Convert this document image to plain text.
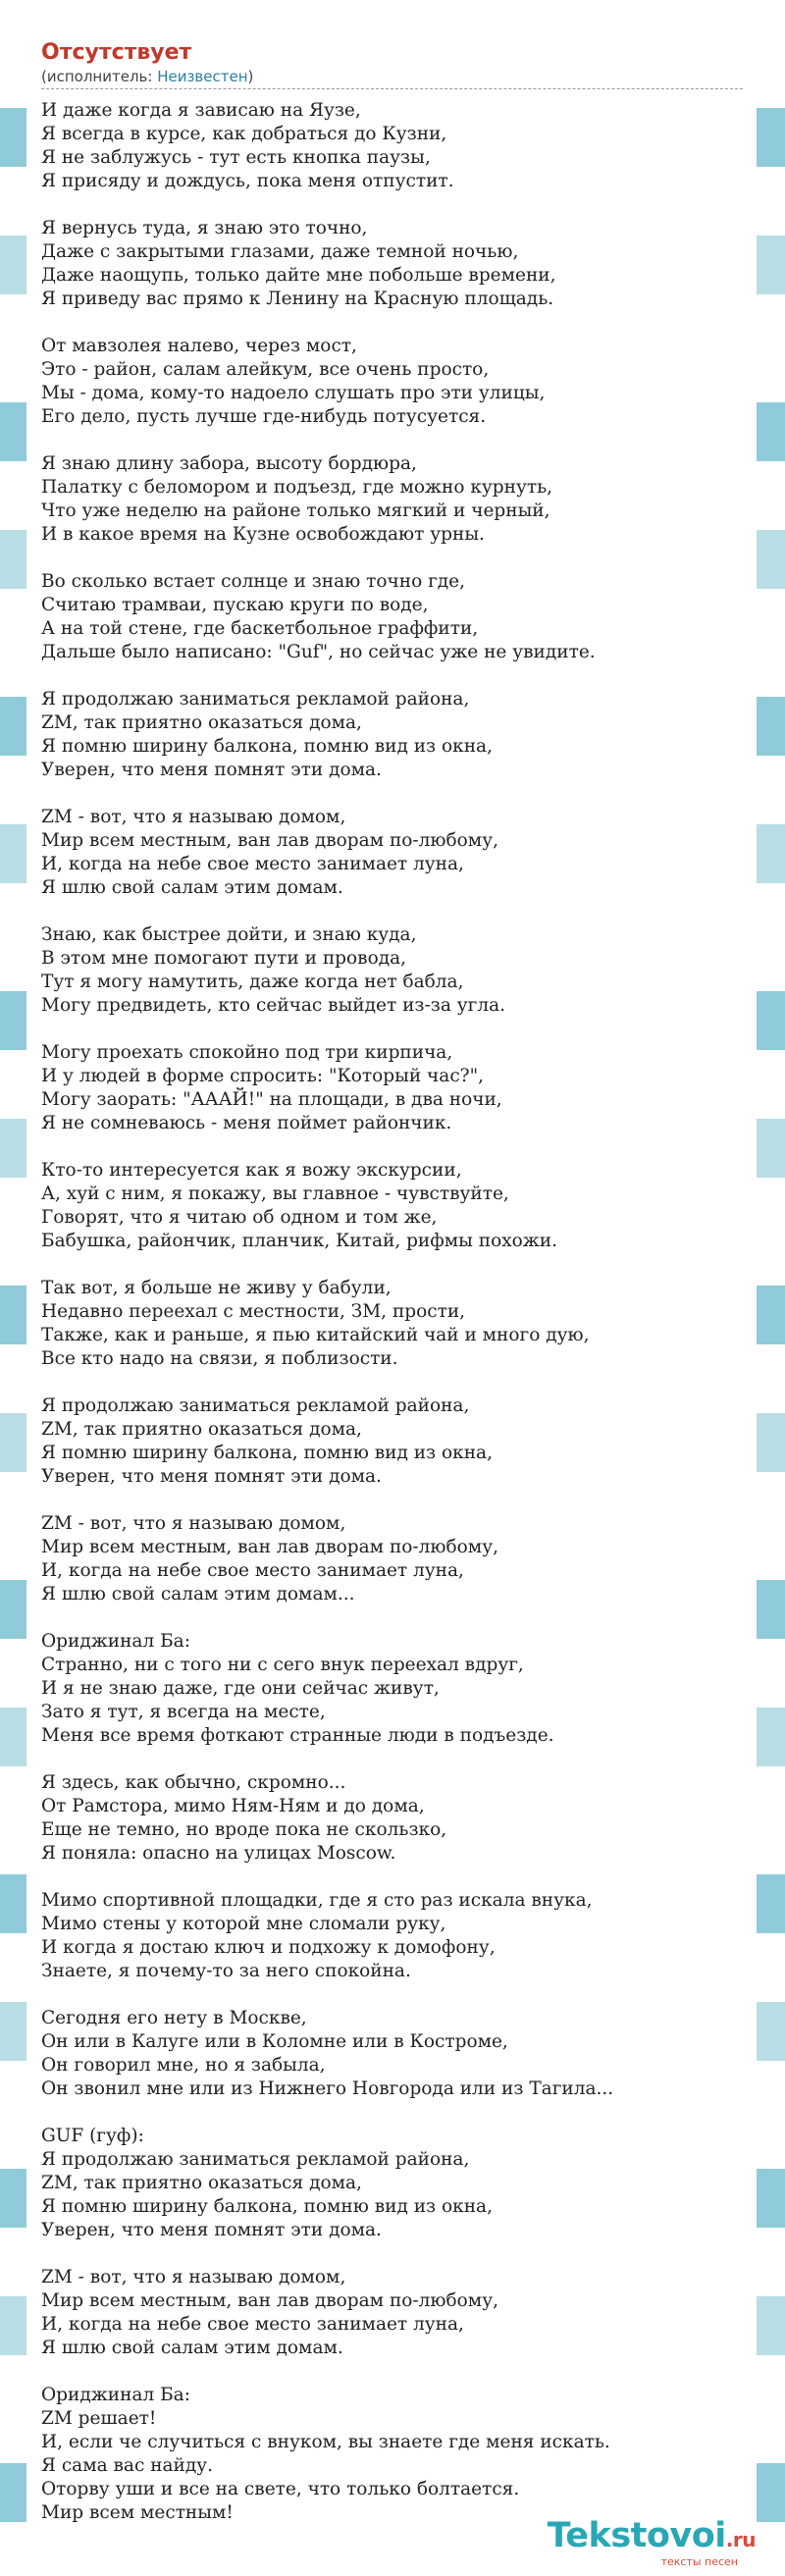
Отсутствует
(исполнитель: Неизвестен)
И даже когда я зависаю на Яузе,
Я всегда в курсе, как добраться до Кузни,
Я не заблужусь - тут есть кнопка паузы,
Я присяду и дождусь, пока меня отпустит.
Я вернусь туда, я знаю это точно,
Даже с закрытыми глазами, даже темной ночью,
Даже наощупь, только дайте мне побольше времени,
Я приведу вас прямо к Ленину на Красную площадь.
От мавзолея налево, через мост,
Это - район, салам алейкум, все очень просто,
Мы - дома, кому-то надоело слушать про эти улицы,
Его дело, пусть лучше где-нибудь потусуется.
Я знаю длину забора, высоту бордюра,
Палатку с беломором и подъезд, где можно курнуть,
Что уже неделю на районе только мягкий и черный,
И в какое время на Кузне освобождают урны.
Во сколько встает солнце и знаю точно где,
Считаю трамваи, пускаю круги по воде,
А на той стене, где баскетбольное граффити,
Дальше было написано: "Guf", но сейчас уже не увидите.
Я продолжаю заниматься рекламой района,
ZM, так приятно оказаться дома,
Я помню ширину балкона, помню вид из окна,
Уверен, что меня помнят эти дома.
ZM - вот, что я называю домом,
Мир всем местным, ван лав дворам по-любому,
И, когда на небе свое место занимает луна,
Я шлю свой салам этим домам.
Знаю, как быстрее дойти, и знаю куда,
В этом мне помогают пути и провода,
Тут я могу намутить, даже когда нет бабла,
Могу предвидеть, кто сейчас выйдет из-за угла.
Могу проехать спокойно под три кирпича,
И у людей в форме спросить: "Который час?",
Могу заорать: "АААЙ!" на площади, в два ночи,
Я не сомневаюсь - меня поймет райончик.
Кто-то интересуется как я вожу экскурсии,
А, хуй с ним, я покажу, вы главное - чувствуйте,
Говорят, что я читаю об одном и том же,
Бабушка, райончик, планчик, Китай, рифмы похожи.
Так вот, я больше не живу у бабули,
Недавно переехал с местности, ЗМ, прости,
Также, как и раньше, я пью китайский чай и много дую,
Все кто надо на связи, я поблизости.
Я продолжаю заниматься рекламой района,
ZM, так приятно оказаться дома,
Я помню ширину балкона, помню вид из окна,
Уверен, что меня помнят эти дома.
ZM - вот, что я называю домом,
Мир всем местным, ван лав дворам по-любому,
И, когда на небе свое место занимает луна,
Я шлю свой салам этим домам...
Ориджинал Ба:
Странно, ни с того ни с сего внук переехал вдруг,
И я не знаю даже, где они сейчас живут,
Зато я тут, я всегда на месте,
Меня все время фоткают странные люди в подъезде.
Я здесь, как обычно, скромно...
От Рамстора, мимо Ням-Ням и до дома,
Еще не темно, но вроде пока не скользко,
Я поняла: опасно на улицах Moscow.
Мимо спортивной площадки, где я сто раз искала внука,
Мимо стены у которой мне сломали руку,
И когда я достаю ключ и подхожу к домофону,
Знаете, я почему-то за него спокойна.
Сегодня его нету в Москве,
Он или в Калуге или в Коломне или в Костроме,
Он говорил мне, но я забыла,
Он звонил мне или из Нижнего Новгорода или из Тагила...
GUF (гуф):
Я продолжаю заниматься рекламой района,
ZM, так приятно оказаться дома,
Я помню ширину балкона, помню вид из окна,
Уверен, что меня помнят эти дома.
ZM - вот, что я называю домом,
Мир всем местным, ван лав дворам по-любому,
И, когда на небе свое место занимает луна,
Я шлю свой салам этим домам.
Ориджинал Ба:
ZM решает!
И, если че случиться с внуком, вы знаете где меня искать.
Я сама вас найду.
Оторву уши и все на свете, что только болтается.
Мир всем местным!
Tekstovoi.ru
тексты песен
